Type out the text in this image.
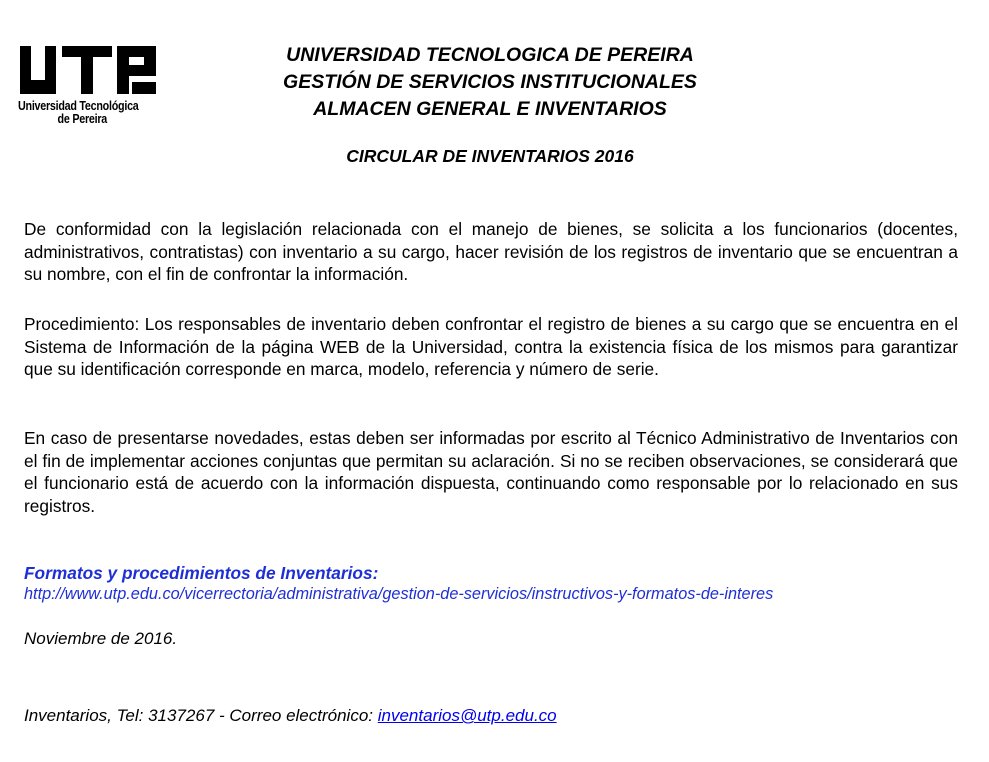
Universidad Tecnológica
de Pereira
UNIVERSIDAD TECNOLOGICA DE PEREIRA
GESTIÓN DE SERVICIOS INSTITUCIONALES
ALMACEN GENERAL E INVENTARIOS
CIRCULAR DE INVENTARIOS 2016
De conformidad con la legislación relacionada con el manejo de bienes, se solicita a los funcionarios (docentes, administrativos, contratistas) con inventario a su cargo, hacer revisión de los registros de inventario que se encuentran a su nombre, con el fin de confrontar la información.
Procedimiento: Los responsables de inventario deben confrontar el registro de bienes a su cargo que se encuentra en el Sistema de Información de la página WEB de la Universidad, contra la existencia física de los mismos para garantizar que su identificación corresponde en marca, modelo, referencia y número de serie.
En caso de presentarse novedades, estas deben ser informadas por escrito al Técnico Administrativo de Inventarios con el fin de implementar acciones conjuntas que permitan su aclaración. Si no se reciben observaciones, se considerará que el funcionario está de acuerdo con la información dispuesta, continuando como responsable por lo relacionado en sus registros.
Formatos y procedimientos de Inventarios:
http://www.utp.edu.co/vicerrectoria/administrativa/gestion-de-servicios/instructivos-y-formatos-de-interes
Noviembre de 2016.
Inventarios, Tel: 3137267 - Correo electrónico: inventarios@utp.edu.co
